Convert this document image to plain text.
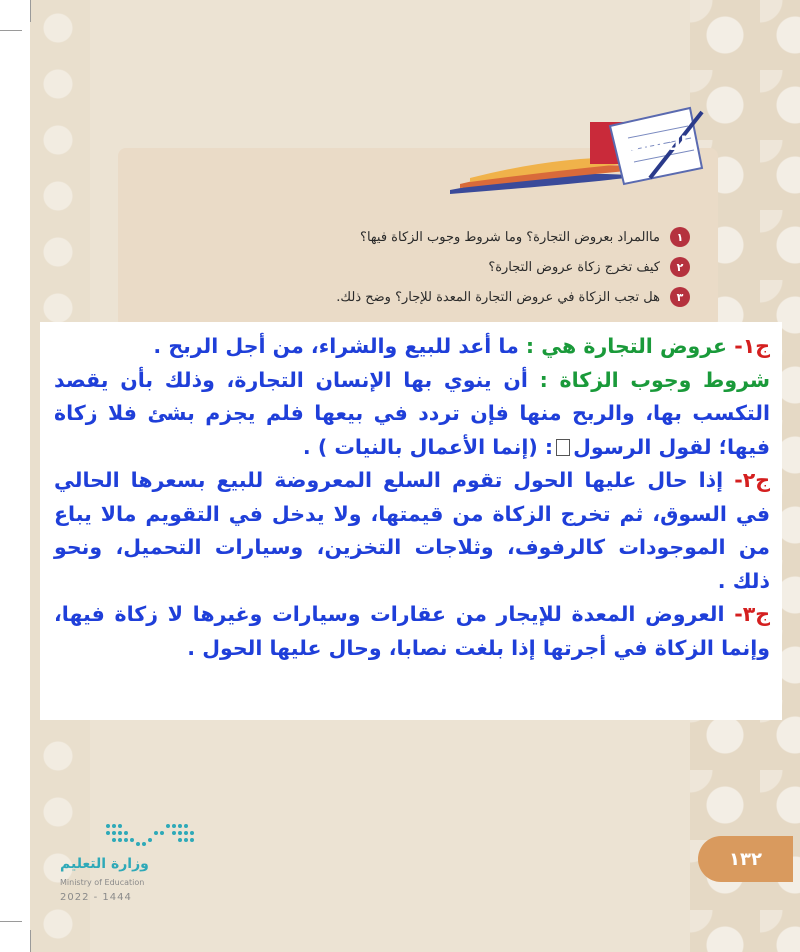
التقويم
١
ماالمراد بعروض التجارة؟ وما شروط وجوب الزكاة فيها؟
٢
كيف تخرج زكاة عروض التجارة؟
٣
هل تجب الزكاة في عروض التجارة المعدة للإجار؟ وضح ذلك.

ج١- عروض التجارة هي : ما أعد للبيع والشراء، من أجل الربح .

شروط وجوب الزكاة : أن ينوي بها الإنسان التجارة، وذلك بأن يقصد التكسب بها، والربح منها فإن تردد في بيعها فلم يجزم بشئ فلا زكاة فيها؛ لقول الرسول: (إنما الأعمال بالنيات ) .

ج٢- إذا حال عليها الحول تقوم السلع المعروضة للبيع بسعرها الحالي في السوق، ثم تخرج الزكاة من قيمتها، ولا يدخل في التقويم مالا يباع من الموجودات كالرفوف، وثلاجات التخزين، وسيارات التحميل، ونحو ذلك .

ج٣- العروض المعدة للإيجار من عقارات وسيارات وغيرها لا زكاة فيها، وإنما الزكاة في أجرتها إذا بلغت نصابا، وحال عليها الحول .

١٣٢
وزارة التعليم
Ministry of Education
2022 - 1444
